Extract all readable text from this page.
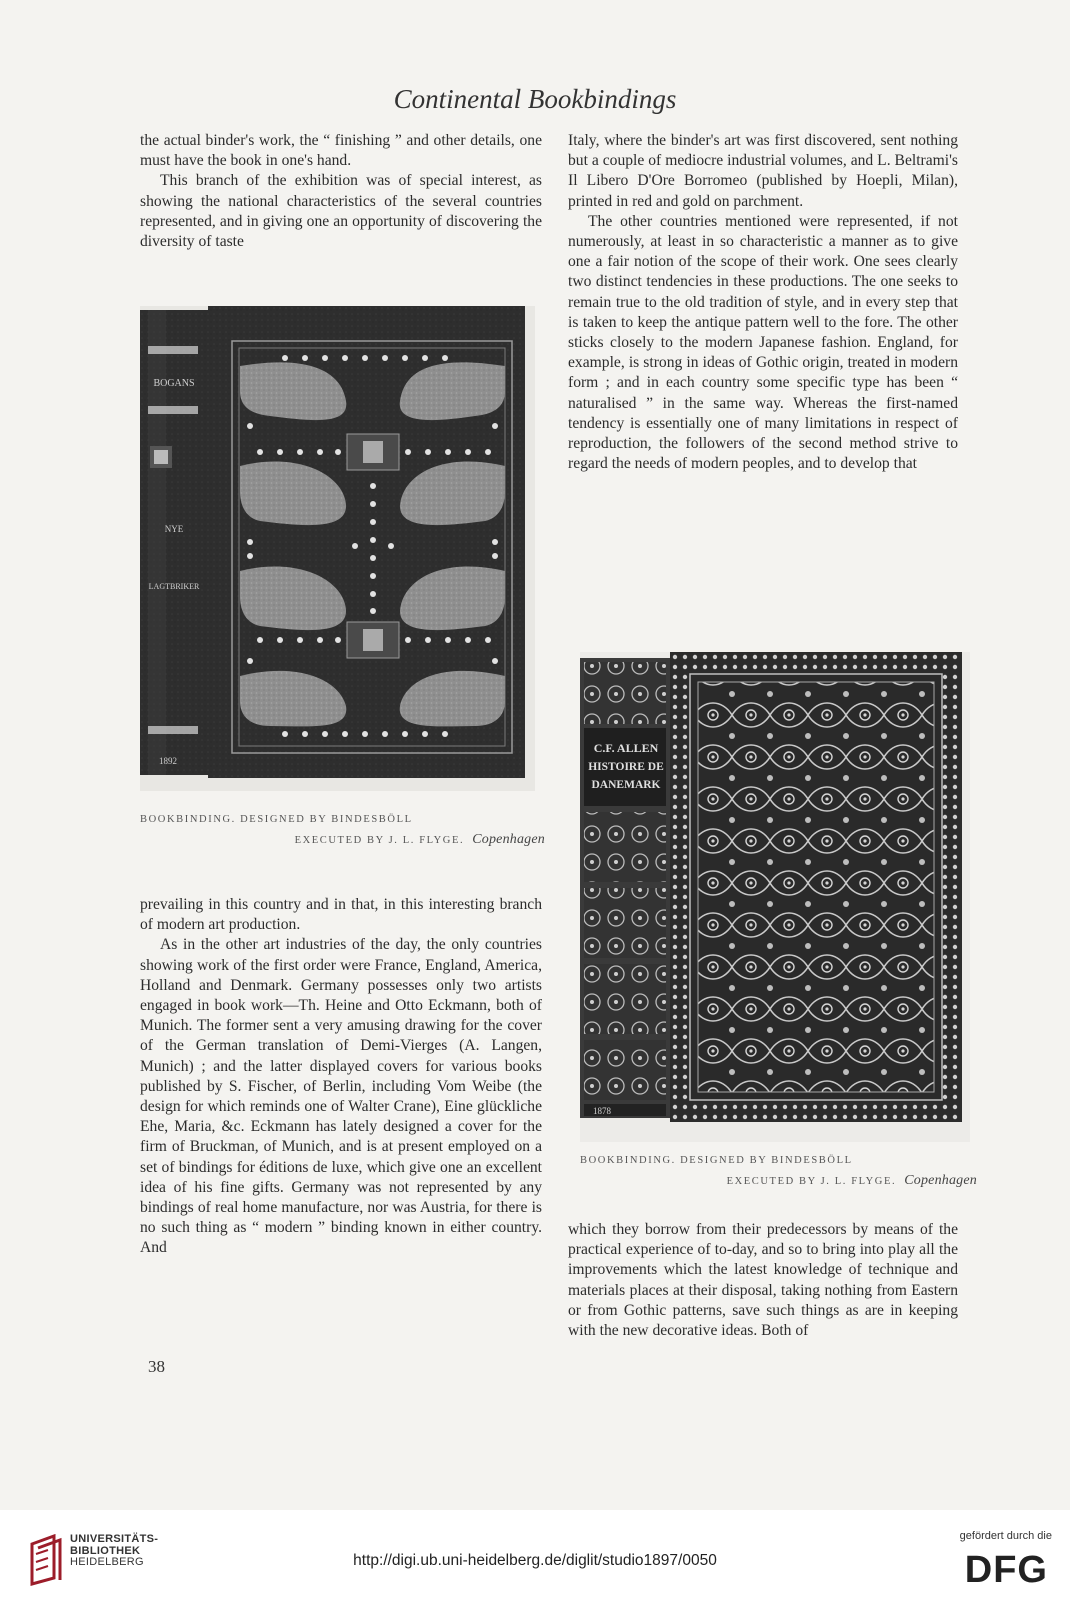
Continental Bookbindings

the actual binder's work, the “ finishing ” and other details, one must have the book in one's hand.

This branch of the exhibition was of special interest, as showing the national characteristics of the several countries represented, and in giving one an opportunity of discovering the diversity of taste

Italy, where the binder's art was first discovered, sent nothing but a couple of mediocre industrial volumes, and L. Beltrami's Il Libero D'Ore Borromeo (published by Hoepli, Milan), printed in red and gold on parchment.

The other countries mentioned were represented, if not numerously, at least in so characteristic a manner as to give one a fair notion of the scope of their work. One sees clearly two distinct tendencies in these productions. The one seeks to remain true to the old tradition of style, and in every step that is taken to keep the antique pattern well to the fore. The other sticks closely to the modern Japanese fashion. England, for example, is strong in ideas of Gothic origin, treated in modern form ; and in each country some specific type has been “ naturalised ” in the same way. Whereas the first-named tendency is essentially one of many limitations in respect of reproduction, the followers of the second method strive to regard the needs of modern peoples, and to develop that

BOGANS
NYE
LAGTBRIKER
1892
BOOKBINDING. DESIGNED BY BINDESBÖLL
EXECUTED BY J. L. FLYGE. Copenhagen

prevailing in this country and in that, in this interesting branch of modern art production.

As in the other art industries of the day, the only countries showing work of the first order were France, England, America, Holland and Denmark. Germany possesses only two artists engaged in book work—Th. Heine and Otto Eckmann, both of Munich. The former sent a very amusing drawing for the cover of the German translation of Demi-Vierges (A. Langen, Munich) ; and the latter displayed covers for various books published by S. Fischer, of Berlin, including Vom Weibe (the design for which reminds one of Walter Crane), Eine glückliche Ehe, Maria, &c. Eckmann has lately designed a cover for the firm of Bruckman, of Munich, and is at present employed on a set of bindings for éditions de luxe, which give one an excellent idea of his fine gifts. Germany was not represented by any bindings of real home manufacture, nor was Austria, for there is no such thing as “ modern ” binding known in either country. And

C.F. ALLEN
HISTOIRE DE
DANEMARK
1878
BOOKBINDING. DESIGNED BY BINDESBÖLL
EXECUTED BY J. L. FLYGE. Copenhagen

which they borrow from their predecessors by means of the practical experience of to-day, and so to bring into play all the improvements which the latest knowledge of technique and materials places at their disposal, taking nothing from Eastern or from Gothic patterns, save such things as are in keeping with the new decorative ideas. Both of

38
UNIVERSITÄTS-
BIBLIOTHEK
HEIDELBERG	http://digi.ub.uni-heidelberg.de/diglit/studio1897/0050
gefördert durch die
DFG
